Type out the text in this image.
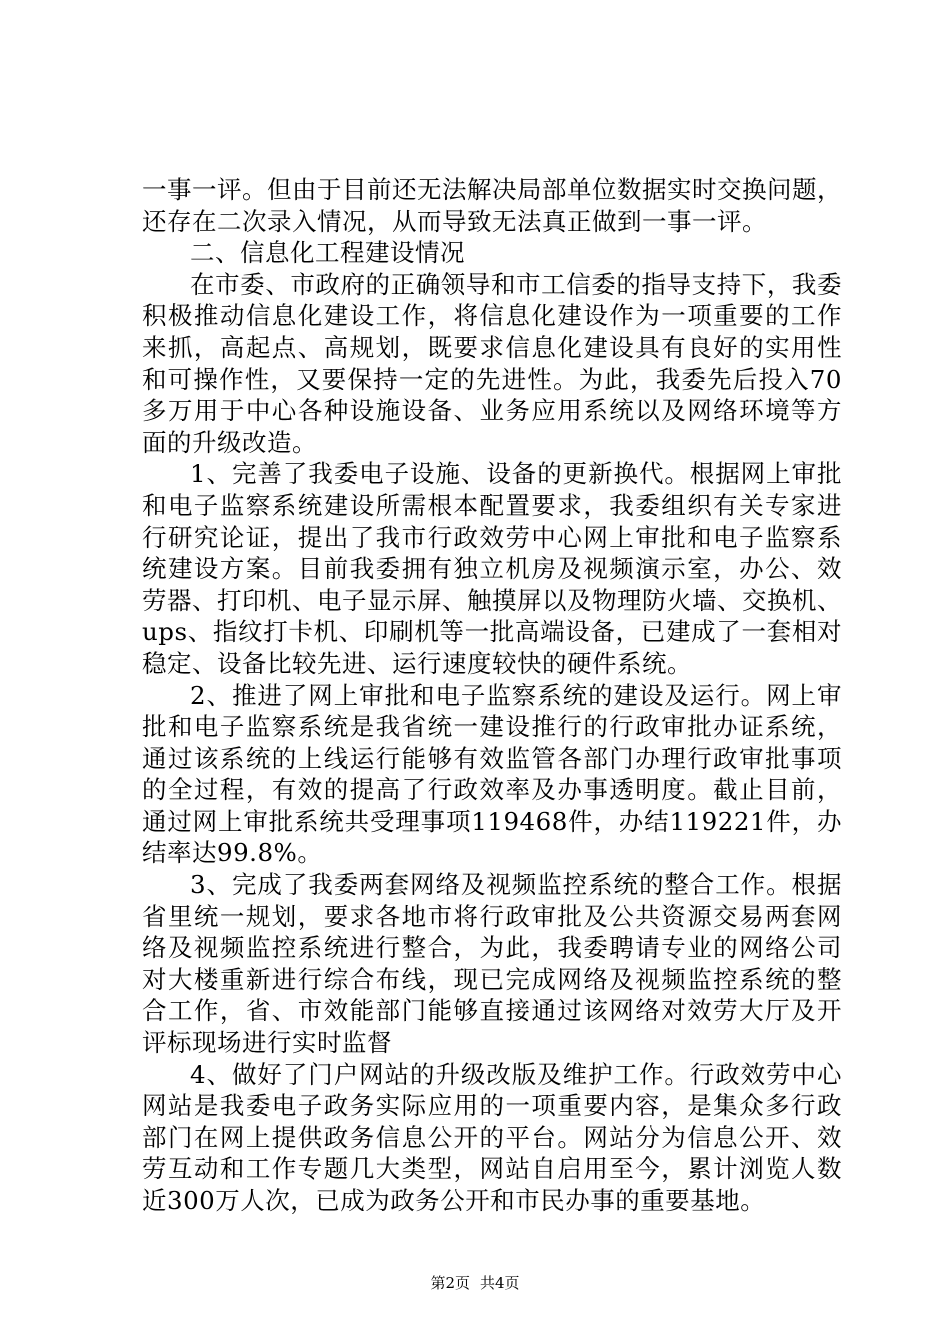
一事一评。但由于目前还无法解决局部单位数据实时交换问题，
还存在二次录入情况，从而导致无法真正做到一事一评。
二、信息化工程建设情况
在市委、市政府的正确领导和市工信委的指导支持下，我委
积极推动信息化建设工作，将信息化建设作为一项重要的工作
来抓，高起点、高规划，既要求信息化建设具有良好的实用性
和可操作性，又要保持一定的先进性。为此，我委先后投入70
多万用于中心各种设施设备、业务应用系统以及网络环境等方
面的升级改造。
1、完善了我委电子设施、设备的更新换代。根据网上审批
和电子监察系统建设所需根本配置要求，我委组织有关专家进
行研究论证，提出了我市行政效劳中心网上审批和电子监察系
统建设方案。目前我委拥有独立机房及视频演示室，办公、效
劳器、打印机、电子显示屏、触摸屏以及物理防火墙、交换机、
ups、指纹打卡机、印刷机等一批高端设备，已建成了一套相对
稳定、设备比较先进、运行速度较快的硬件系统。
2、推进了网上审批和电子监察系统的建设及运行。网上审
批和电子监察系统是我省统一建设推行的行政审批办证系统，
通过该系统的上线运行能够有效监管各部门办理行政审批事项
的全过程，有效的提高了行政效率及办事透明度。截止目前，
通过网上审批系统共受理事项119468件，办结119221件，办
结率达99.8%。
3、完成了我委两套网络及视频监控系统的整合工作。根据
省里统一规划，要求各地市将行政审批及公共资源交易两套网
络及视频监控系统进行整合，为此，我委聘请专业的网络公司
对大楼重新进行综合布线，现已完成网络及视频监控系统的整
合工作，省、市效能部门能够直接通过该网络对效劳大厅及开
评标现场进行实时监督
4、做好了门户网站的升级改版及维护工作。行政效劳中心
网站是我委电子政务实际应用的一项重要内容，是集众多行政
部门在网上提供政务信息公开的平台。网站分为信息公开、效
劳互动和工作专题几大类型，网站自启用至今，累计浏览人数
近300万人次，已成为政务公开和市民办事的重要基地。
第2页 共4页
